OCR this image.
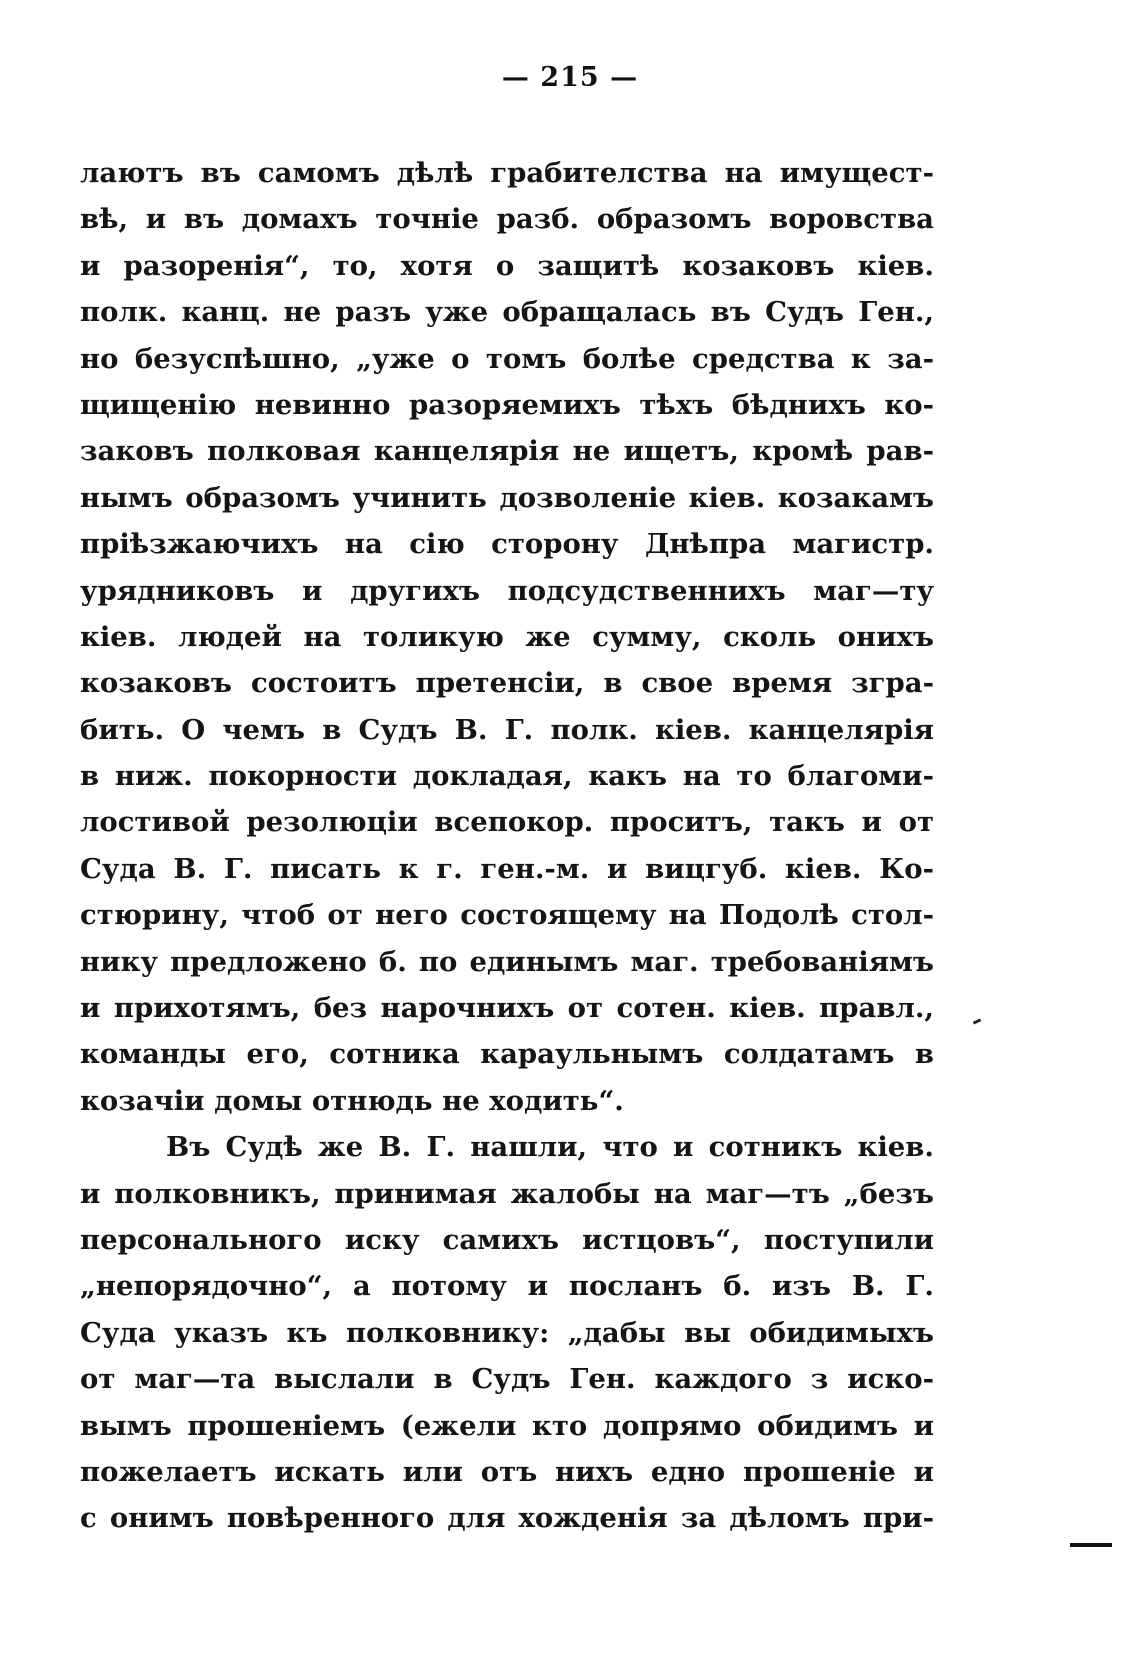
— 215 —
лаютъ въ самомъ дѣлѣ грабителства на имущест-
вѣ, и въ домахъ точніе разб. образомъ воровства
и разоренія“, то, хотя о защитѣ козаковъ кіев.
полк. канц. не разъ уже обращалась въ Судъ Ген.,
но безуспѣшно, „уже о томъ болѣе средства к за-
щищенію невинно разоряемихъ тѣхъ бѣдниxъ ко-
заковъ полковая канцелярія не ищетъ, кромѣ рав-
нымъ образомъ учинить дозволеніе кіев. козакамъ
пріѣзжаючихъ на сію сторону Днѣпра магистр.
урядниковъ и другихъ подсудственнихъ маг—ту
кіев. людей на толикую же сумму, сколь oниxъ
козаковъ состоитъ претенсіи, в свое время згра-
бить. О чемъ в Судъ В. Г. полк. кіев. канцелярія
в ниж. покорности докладая, какъ на то благоми-
лостивой резолюціи всепокор. проситъ, такъ и от
Суда В. Г. писать к г. ген.-м. и вицгуб. кіев. Ко-
стюрину, чтоб от него состоящему на Подолѣ стол-
нику предложено б. по единымъ маг. требованіямъ
и прихотямъ, без нарочнихъ от сотен. кіев. правл.,
команды его, сотника караульнымъ солдатамъ в
козачіи домы отнюдь не ходить“.
Въ Судѣ же В. Г. нашли, что и сотникъ кіев.
и полковникъ, принимая жалобы на маг—тъ „безъ
персональнoго иску самихъ истцовъ“, поступили
„непорядочно“, а потому и посланъ б. изъ В. Г.
Суда указъ къ полковнику: „дабы вы обидимыхъ
от маг—та выслали в Судъ Ген. каждого з иско-
вымъ прошеніемъ (ежели кто допрямо обидимъ и
пожелаетъ искать или отъ нихъ едно прошеніе и
с онимъ повѣренного для хожденія за дѣломъ при-
